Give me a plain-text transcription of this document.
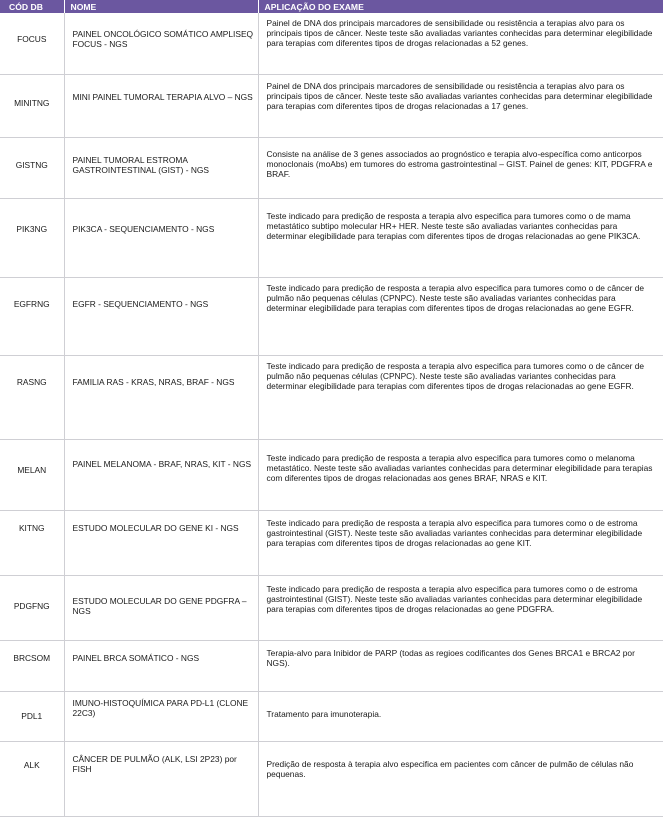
CÓD DB	NOME	APLICAÇÃO DO EXAME

FOCUS	PAINEL ONCOLÓGICO SOMÁTICO AMPLISEQ FOCUS - NGS	Painel de DNA dos principais marcadores de sensibilidade ou resistência a terapias alvo para os principais tipos de câncer. Neste teste são avaliadas variantes conhecidas para determinar elegibilidade para terapias com diferentes tipos de drogas relacionadas a 52 genes.

MINITNG	MINI PAINEL TUMORAL TERAPIA ALVO – NGS	Painel de DNA dos principais marcadores de sensibilidade ou resistência a terapias alvo para os principais tipos de câncer. Neste teste são avaliadas variantes conhecidas para determinar elegibilidade para terapias com diferentes tipos de drogas relacionadas a 17 genes.

GISTNG	PAINEL TUMORAL ESTROMA GASTROINTESTINAL (GIST) - NGS	Consiste na análise de 3 genes associados ao prognóstico e terapia alvo-específica como anticorpos monoclonais (moAbs) em tumores do estroma gastrointestinal – GIST. Painel de genes: KIT, PDGFRA e BRAF.

PIK3NG	PIK3CA - SEQUENCIAMENTO - NGS	Teste indicado para predição de resposta a terapia alvo especifica para tumores como o de mama metastático subtipo molecular HR+ HER. Neste teste são avaliadas variantes conhecidas para determinar elegibilidade para terapias com diferentes tipos de drogas relacionadas ao gene PIK3CA.

EGFRNG	EGFR - SEQUENCIAMENTO - NGS	Teste indicado para predição de resposta a terapia alvo especifica para tumores como o de câncer de pulmão não pequenas células (CPNPC). Neste teste são avaliadas variantes conhecidas para determinar elegibilidade para terapias com diferentes tipos de drogas relacionadas ao gene EGFR.

RASNG	FAMILIA RAS - KRAS, NRAS, BRAF - NGS	Teste indicado para predição de resposta a terapia alvo especifica para tumores como o de câncer de pulmão não pequenas células (CPNPC). Neste teste são avaliadas variantes conhecidas para determinar elegibilidade para terapias com diferentes tipos de drogas relacionadas ao gene EGFR.

MELAN	PAINEL MELANOMA - BRAF, NRAS, KIT - NGS	Teste indicado para predição de resposta a terapia alvo especifica para tumores como o melanoma metastático. Neste teste são avaliadas variantes conhecidas para determinar elegibilidade para terapias com diferentes tipos de drogas relacionadas aos genes BRAF, NRAS e KIT.

KITNG	ESTUDO MOLECULAR DO GENE KI - NGS	Teste indicado para predição de resposta a terapia alvo especifica para tumores como o de estroma gastrointestinal (GIST). Neste teste são avaliadas variantes conhecidas para determinar elegibilidade para terapias com diferentes tipos de drogas relacionadas ao gene KIT.

PDGFNG	ESTUDO MOLECULAR DO GENE PDGFRA – NGS	Teste indicado para predição de resposta a terapia alvo especifica para tumores como o de estroma gastrointestinal (GIST). Neste teste são avaliadas variantes conhecidas para determinar elegibilidade para terapias com diferentes tipos de drogas relacionadas ao gene PDGFRA.

BRCSOM	PAINEL BRCA SOMÁTICO - NGS	Terapia-alvo para Inibidor de PARP (todas as regioes codificantes dos Genes BRCA1 e BRCA2 por NGS).

PDL1	IMUNO-HISTOQUÍMICA PARA PD-L1 (CLONE 22C3)	Tratamento para imunoterapia.

ALK	CÂNCER DE PULMÃO (ALK, LSI 2P23) por FISH	Predição de resposta à terapia alvo especifica em pacientes com câncer de pulmão de células não pequenas.
